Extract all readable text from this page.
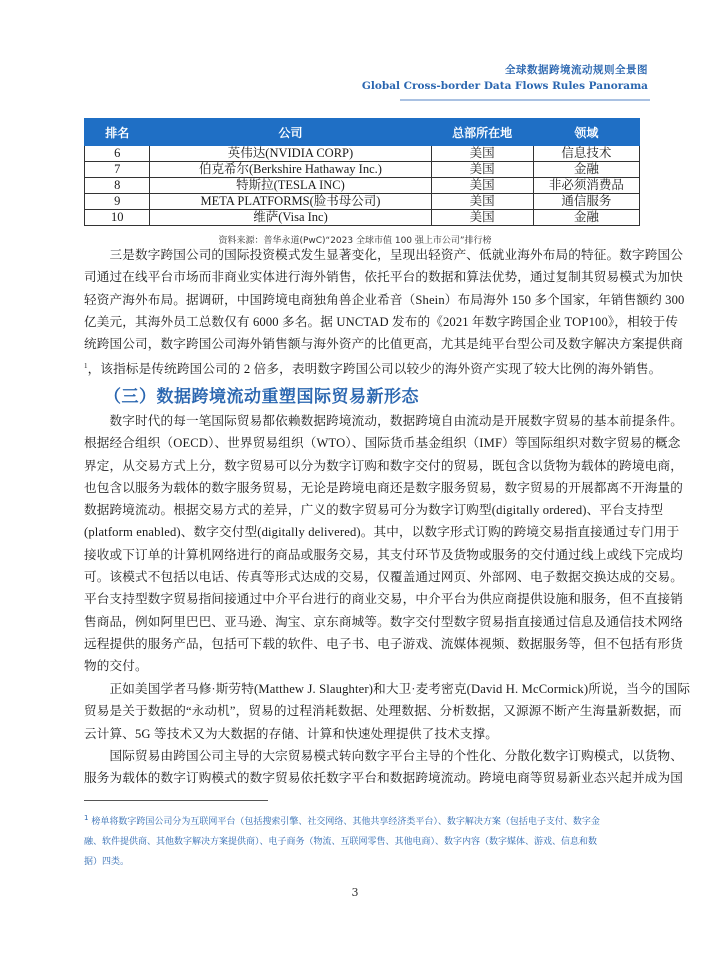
全球数据跨境流动规则全景图
Global Cross-border Data Flows Rules Panorama
排名	公司	总部所在地	领域
6	英伟达(NVIDIA CORP)	美国	信息技术
7	伯克希尔(Berkshire Hathaway Inc.)	美国	金融
8	特斯拉(TESLA INC)	美国	非必须消费品
9	META PLATFORMS(脸书母公司)	美国	通信服务
10	维萨(Visa Inc)	美国	金融
资料来源：普华永道(PwC)“2023 全球市值 100 强上市公司”排行榜
　　三是数字跨国公司的国际投资模式发生显著变化，呈现出轻资产、低就业海外布局的特征。数字跨国公
司通过在线平台市场而非商业实体进行海外销售，依托平台的数据和算法优势，通过复制其贸易模式为加快
轻资产海外布局。据调研，中国跨境电商独角兽企业希音（Shein）布局海外 150 多个国家，年销售额约 300
亿美元，其海外员工总数仅有 6000 多名。据 UNCTAD 发布的《2021 年数字跨国企业 TOP100》，相较于传
统跨国公司，数字跨国公司海外销售额与海外资产的比值更高，尤其是纯平台型公司及数字解决方案提供商
$^1$，该指标是传统跨国公司的 2 倍多，表明数字跨国公司以较少的海外资产实现了较大比例的海外销售。
（三）数据跨境流动重塑国际贸易新形态
　　数字时代的每一笔国际贸易都依赖数据跨境流动，数据跨境自由流动是开展数字贸易的基本前提条件。
根据经合组织（OECD）、世界贸易组织（WTO）、国际货币基金组织（IMF）等国际组织对数字贸易的概念
界定，从交易方式上分，数字贸易可以分为数字订购和数字交付的贸易，既包含以货物为载体的跨境电商，
也包含以服务为载体的数字服务贸易，无论是跨境电商还是数字服务贸易，数字贸易的开展都离不开海量的
数据跨境流动。根据交易方式的差异，广义的数字贸易可分为数字订购型(digitally ordered)、平台支持型
(platform enabled)、数字交付型(digitally delivered)。其中，以数字形式订购的跨境交易指直接通过专门用于
接收或下订单的计算机网络进行的商品或服务交易，其支付环节及货物或服务的交付通过线上或线下完成均
可。该模式不包括以电话、传真等形式达成的交易，仅覆盖通过网页、外部网、电子数据交换达成的交易。
平台支持型数字贸易指间接通过中介平台进行的商业交易，中介平台为供应商提供设施和服务，但不直接销
售商品，例如阿里巴巴、亚马逊、淘宝、京东商城等。数字交付型数字贸易指直接通过信息及通信技术网络
远程提供的服务产品，包括可下载的软件、电子书、电子游戏、流媒体视频、数据服务等，但不包括有形货
物的交付。
　　正如美国学者马修·斯劳特(Matthew J. Slaughter)和大卫·麦考密克(David H. McCormick)所说，当今的国际
贸易是关于数据的“永动机”，贸易的过程消耗数据、处理数据、分析数据，又源源不断产生海量新数据，而
云计算、5G 等技术又为大数据的存储、计算和快速处理提供了技术支撑。
　　国际贸易由跨国公司主导的大宗贸易模式转向数字平台主导的个性化、分散化数字订购模式，以货物、
服务为载体的数字订购模式的数字贸易依托数字平台和数据跨境流动。跨境电商等贸易新业态兴起并成为国
$^1$ 榜单将数字跨国公司分为互联网平台（包括搜索引擎、社交网络、其他共享经济类平台）、数字解决方案（包括电子支付、数字金
融、软件提供商、其他数字解决方案提供商）、电子商务（物流、互联网零售、其他电商）、数字内容（数字媒体、游戏、信息和数
据）四类。
3
